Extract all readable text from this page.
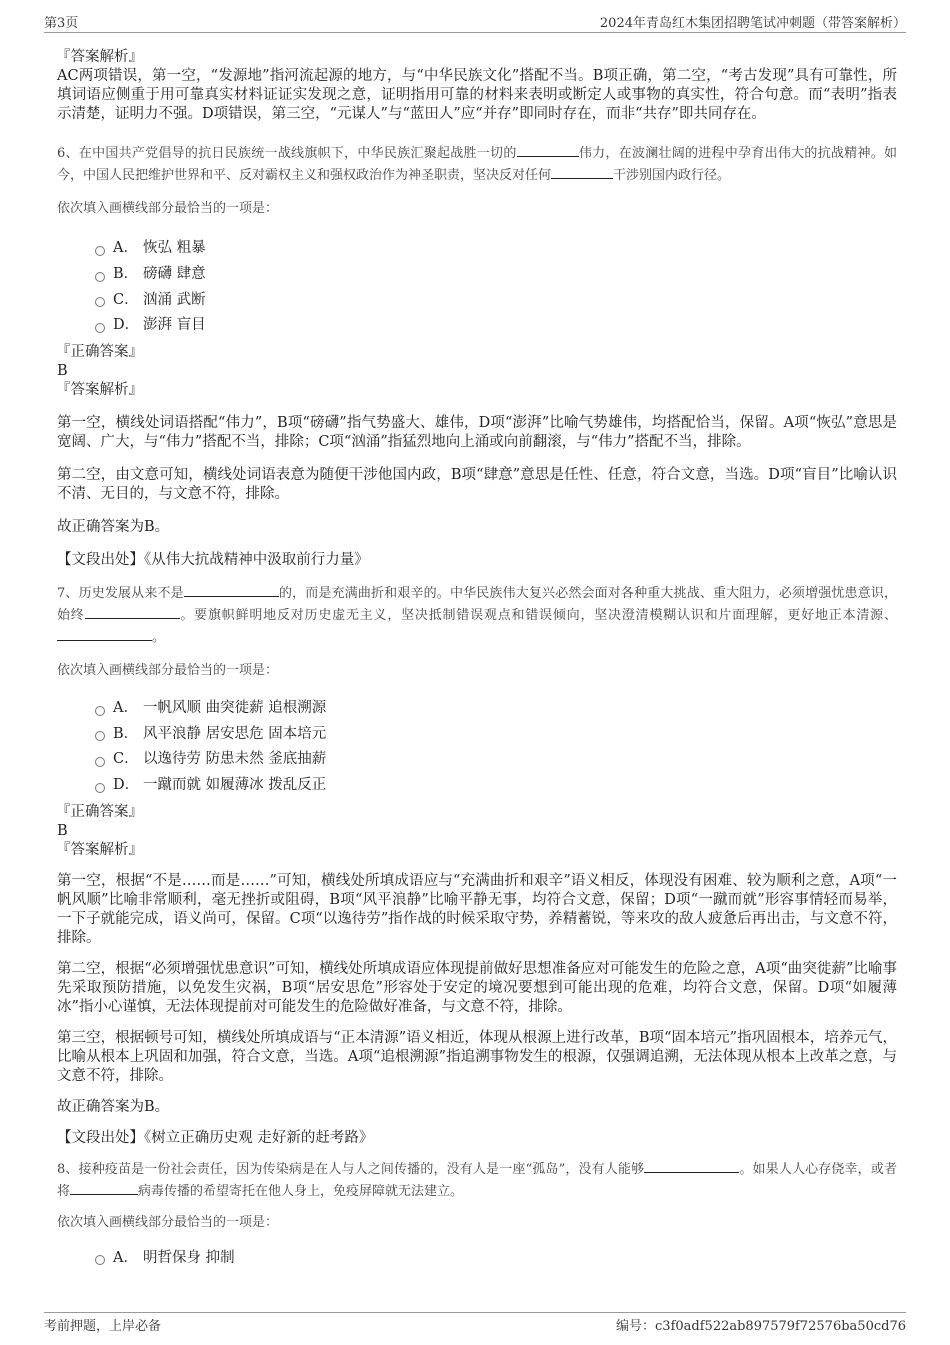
第3页	2024年青岛红木集团招聘笔试冲刺题（带答案解析）
『答案解析』

AC两项错误，第一空，“发源地”指河流起源的地方，与“中华民族文化”搭配不当。B项正确，第二空，“考古发现”具有可靠性，所填词语应侧重于用可靠真实材料证证实发现之意，证明指用可靠的材料来表明或断定人或事物的真实性，符合句意。而“表明”指表示清楚，证明力不强。D项错误，第三空，“元谋人”与“蓝田人”应“并存”即同时存在，而非“共存”即共同存在。

6、在中国共产党倡导的抗日民族统一战线旗帜下，中华民族汇聚起战胜一切的	伟力，在波澜壮阔的进程中孕育出伟大的抗战精神。如今，中国人民把维护世界和平、反对霸权主义和强权政治作为神圣职责，坚决反对任何	干涉别国内政行径。

依次填入画横线部分最恰当的一项是：
A． 恢弘 粗暴
B． 磅礴 肆意
C． 汹涌 武断
D． 澎湃 盲目
『正确答案』
B
『答案解析』

第一空，横线处词语搭配“伟力”，B项“磅礴”指气势盛大、雄伟，D项“澎湃”比喻气势雄伟，均搭配恰当，保留。A项“恢弘”意思是宽阔、广大，与“伟力”搭配不当，排除；C项“汹涌”指猛烈地向上涌或向前翻滚，与“伟力”搭配不当，排除。

第二空，由文意可知，横线处词语表意为随便干涉他国内政，B项“肆意”意思是任性、任意，符合文意，当选。D项“盲目”比喻认识不清、无目的，与文意不符，排除。

故正确答案为B。

【文段出处】《从伟大抗战精神中汲取前行力量》

7、历史发展从来不是	的，而是充满曲折和艰辛的。中华民族伟大复兴必然会面对各种重大挑战、重大阻力，必须增强忧患意识，始终	。要旗帜鲜明地反对历史虚无主义，坚决抵制错误观点和错误倾向，坚决澄清模糊认识和片面理解，更好地正本清源、。

依次填入画横线部分最恰当的一项是：
A． 一帆风顺 曲突徙薪 追根溯源
B． 风平浪静 居安思危 固本培元
C． 以逸待劳 防患未然 釜底抽薪
D． 一蹴而就 如履薄冰 拨乱反正
『正确答案』
B
『答案解析』

第一空，根据“不是……而是……”可知，横线处所填成语应与“充满曲折和艰辛”语义相反，体现没有困难、较为顺利之意，A项“一帆风顺”比喻非常顺利，毫无挫折或阻碍，B项“风平浪静”比喻平静无事，均符合文意，保留；D项“一蹴而就”形容事情轻而易举，一下子就能完成，语义尚可，保留。C项“以逸待劳”指作战的时候采取守势，养精蓄锐，等来攻的敌人疲惫后再出击，与文意不符，排除。

第二空，根据“必须增强忧患意识”可知，横线处所填成语应体现提前做好思想准备应对可能发生的危险之意，A项“曲突徙薪”比喻事先采取预防措施，以免发生灾祸，B项“居安思危”形容处于安定的境况要想到可能出现的危难，均符合文意，保留。D项“如履薄冰”指小心谨慎，无法体现提前对可能发生的危险做好准备，与文意不符，排除。

第三空，根据顿号可知，横线处所填成语与“正本清源”语义相近，体现从根源上进行改革，B项“固本培元”指巩固根本，培养元气，比喻从根本上巩固和加强，符合文意，当选。A项“追根溯源”指追溯事物发生的根源，仅强调追溯，无法体现从根本上改革之意，与文意不符，排除。

故正确答案为B。

【文段出处】《树立正确历史观 走好新的赶考路》

8、接种疫苗是一份社会责任，因为传染病是在人与人之间传播的，没有人是一座“孤岛”，没有人能够	。如果人人心存侥幸，或者将	病毒传播的希望寄托在他人身上，免疫屏障就无法建立。

依次填入画横线部分最恰当的一项是：
A． 明哲保身 抑制
考前押题，上岸必备	编号：c3f0adf522ab897579f72576ba50cd76
